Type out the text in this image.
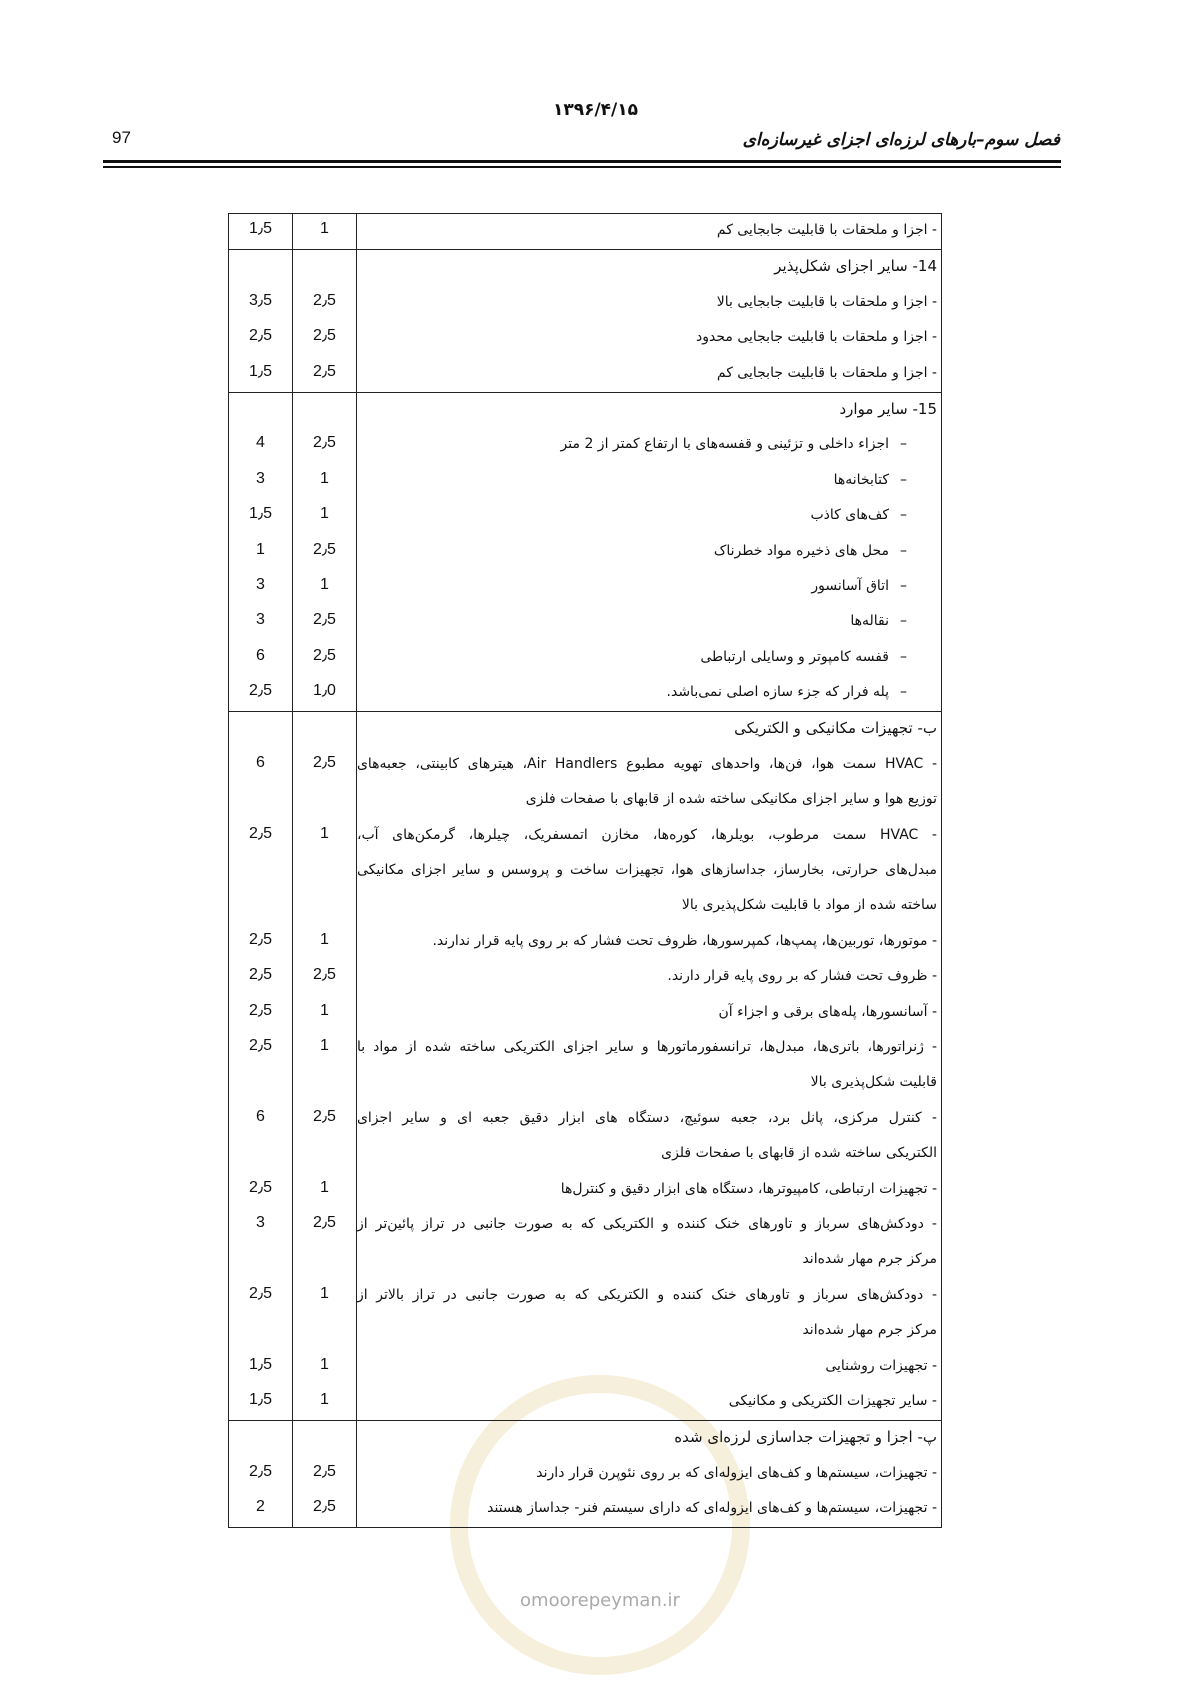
۱۳۹۶/۴/۱۵
97	فصل سوم–بارهای لرزه‌ای اجزای غیرسازه‌ای
omoorepeyman.ir
1٫5	1	- اجزا و ملحقات با قابلیت جابجایی کم

		14- سایر اجزای شکل‌پذیر

3٫5	2٫5	- اجزا و ملحقات با قابلیت جابجایی بالا

2٫5	2٫5	- اجزا و ملحقات با قابلیت جابجایی محدود

1٫5	2٫5	- اجزا و ملحقات با قابلیت جابجایی کم

		15- سایر موارد

4	2٫5	– اجزاء داخلی و تزئینی و قفسه‌های با ارتفاع کمتر از 2 متر

3	1	– کتابخانه‌ها

1٫5	1	– کف‌های کاذب

1	2٫5	– محل های ذخیره مواد خطرناک

3	1	– اتاق آسانسور

3	2٫5	– نقاله‌ها

6	2٫5	– قفسه کامپوتر و وسایلی ارتباطی

2٫5	1٫0	– پله فرار که جزء سازه اصلی نمی‌باشد.

		ب- تجهیزات مکانیکی و الکتریکی

6	2٫5	- HVAC سمت هوا، فن‌ها، واحدهای تهویه مطبوع Air Handlers، هیترهای کابینتی، جعبه‌های
توزیع هوا و سایر اجزای مکانیکی ساخته شده از قابهای با صفحات فلزی

2٫5	1	- HVAC سمت مرطوب، بویلرها، کوره‌ها، مخازن اتمسفریک، چیلرها، گرمکن‌های آب،
مبدل‌های حرارتی، بخارساز، جداسازهای هوا، تجهیزات ساخت و پروسس و سایر اجزای مکانیکی
ساخته شده از مواد با قابلیت شکل‌پذیری بالا

2٫5	1	- موتورها، توربین‌ها، پمپ‌ها، کمپرسورها، ظروف تحت فشار که بر روی پایه قرار ندارند.

2٫5	2٫5	- ظروف تحت فشار که بر روی پایه قرار دارند.

2٫5	1	- آسانسورها، پله‌های برقی و اجزاء آن

2٫5	1	- ژنراتورها، باتری‌ها، مبدل‌ها، ترانسفورماتورها و سایر اجزای الکتریکی ساخته شده از مواد با
قابلیت شکل‌پذیری بالا

6	2٫5	- کنترل مرکزی، پانل برد، جعبه سوئیچ، دستگاه های ابزار دقیق جعبه ای و سایر اجزای
الکتریکی ساخته شده از قابهای با صفحات فلزی

2٫5	1	- تجهیزات ارتباطی، کامپیوترها، دستگاه های ابزار دقیق و کنترل‌ها

3	2٫5	- دودکش‌های سرباز و تاورهای خنک کننده و الکتریکی که به صورت جانبی در تراز پائین‌تر از
مرکز جرم مهار شده‌اند

2٫5	1	- دودکش‌های سرباز و تاورهای خنک کننده و الکتریکی که به صورت جانبی در تراز بالاتر از
مرکز جرم مهار شده‌اند

1٫5	1	- تجهیزات روشنایی

1٫5	1	- سایر تجهیزات الکتریکی و مکانیکی

		پ- اجزا و تجهیزات جداسازی لرزه‌ای شده

2٫5	2٫5	- تجهیزات، سیستم‌ها و کف‌های ایزوله‌ای که بر روی نئوپرن قرار دارند

2	2٫5	- تجهیزات، سیستم‌ها و کف‌های ایزوله‌ای که دارای سیستم فنر- جداساز هستند
